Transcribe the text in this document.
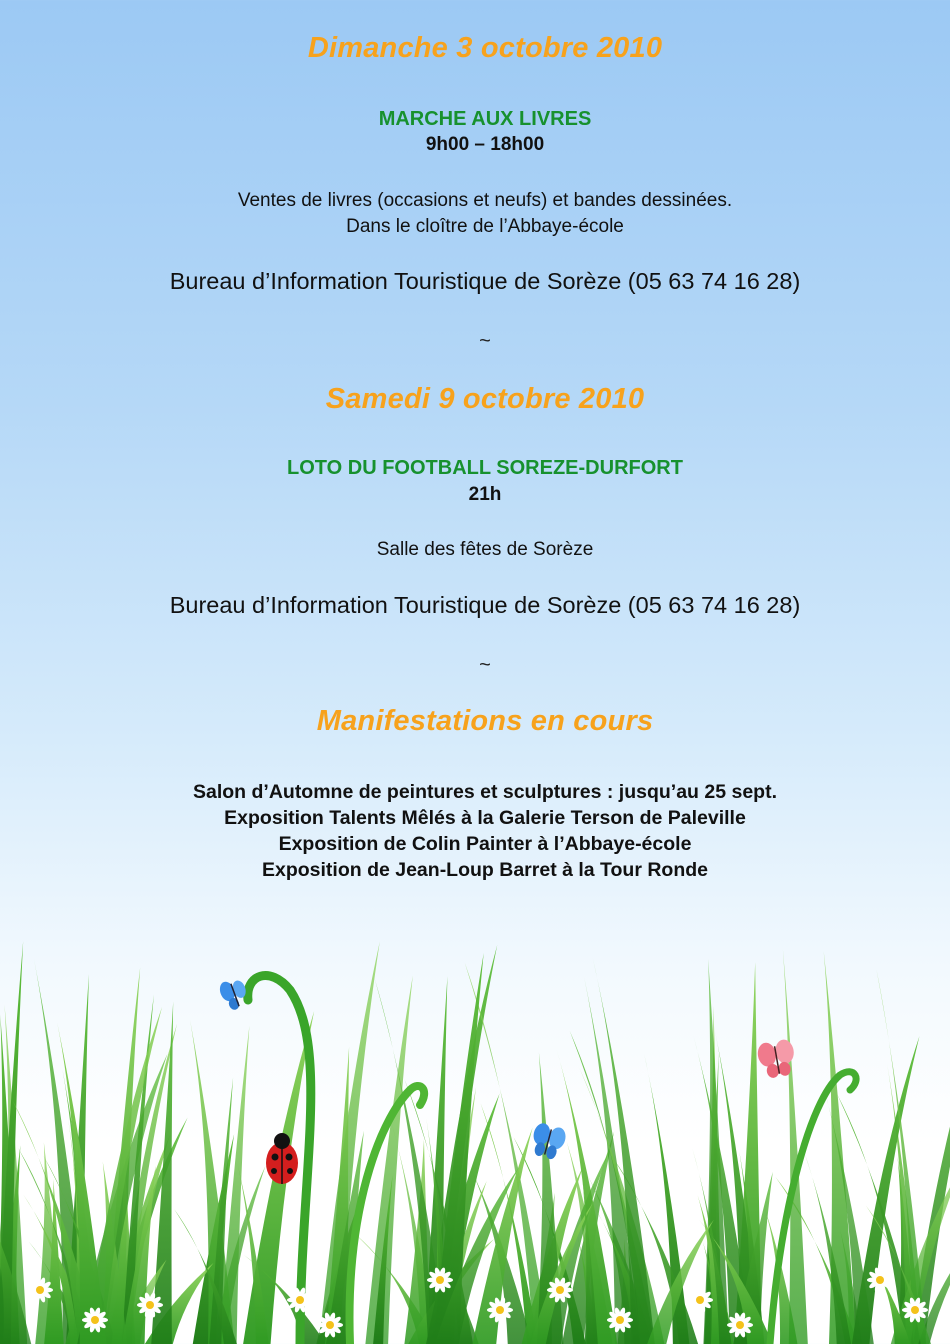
Dimanche 3 octobre 2010
MARCHE AUX LIVRES
9h00 – 18h00
Ventes de livres (occasions et neufs) et bandes dessinées.
Dans le cloître de l’Abbaye-école
Bureau d’Information Touristique de Sorèze (05 63 74 16 28)
~
Samedi 9 octobre 2010
LOTO DU FOOTBALL SOREZE-DURFORT
21h
Salle des fêtes de Sorèze
Bureau d’Information Touristique de Sorèze (05 63 74 16 28)
~
Manifestations en cours
Salon d’Automne de peintures et sculptures : jusqu’au 25 sept.
Exposition Talents Mêlés à la Galerie Terson de Paleville
Exposition de Colin Painter à l’Abbaye-école
Exposition de Jean-Loup Barret à la Tour Ronde
